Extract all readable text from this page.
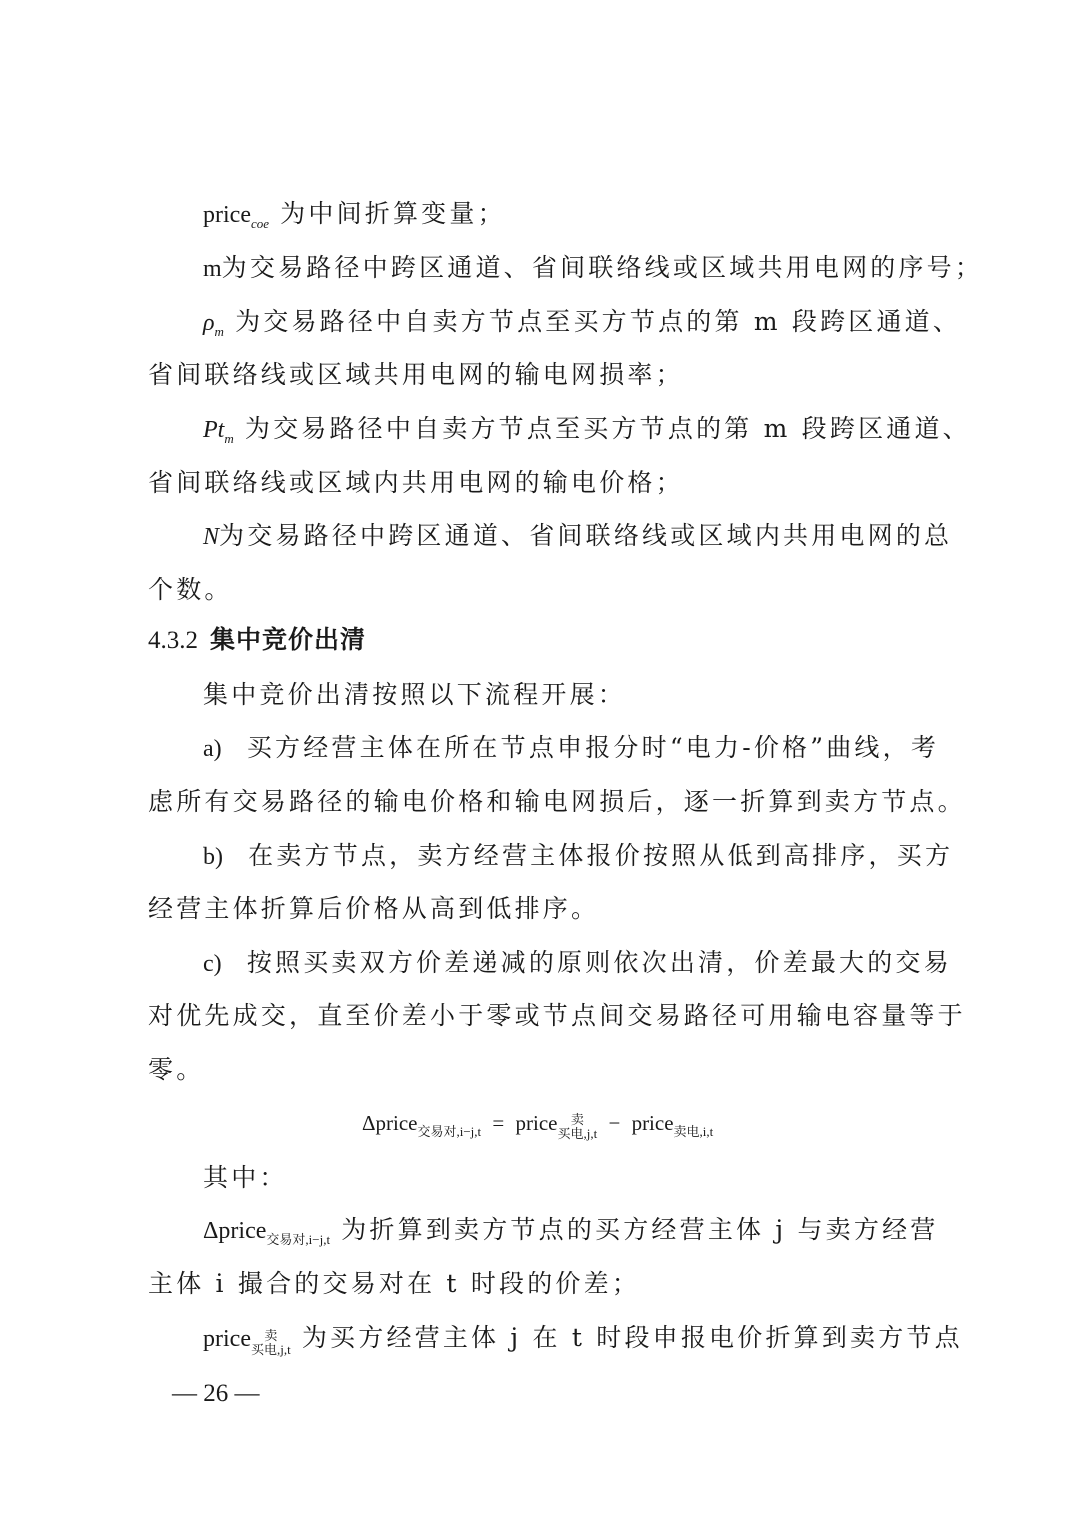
price$_{coe}$ 为中间折算变量；
m为交易路径中跨区通道、省间联络线或区域共用电网的序号；
$\rho_m$ 为交易路径中自卖方节点至买方节点的第 m 段跨区通道、
省间联络线或区域共用电网的输电网损率；
$Pt_m$ 为交易路径中自卖方节点至买方节点的第 m 段跨区通道、
省间联络线或区域内共用电网的输电价格；
N为交易路径中跨区通道、省间联络线或区域内共用电网的总
个数。
4.3.2 集中竞价出清
集中竞价出清按照以下流程开展：
a) 买方经营主体在所在节点申报分时“电力-价格”曲线，考
虑所有交易路径的输电价格和输电网损后，逐一折算到卖方节点。
b) 在卖方节点，卖方经营主体报价按照从低到高排序，买方
经营主体折算后价格从高到低排序。
c) 按照买卖双方价差递减的原则依次出清，价差最大的交易
对优先成交，直至价差小于零或节点间交易路径可用输电容量等于
零。
Δprice$_{交易对,i-j,t}$ = price	卖
买电,j,t − price$_{卖电,i,t}$
其中：
Δprice$_{交易对,i-j,t}$ 为折算到卖方节点的买方经营主体 j 与卖方经营
主体 i 撮合的交易对在 t 时段的价差；
price	卖
买电,j,t 为买方经营主体 j 在 t 时段申报电价折算到卖方节点
— 26 —
